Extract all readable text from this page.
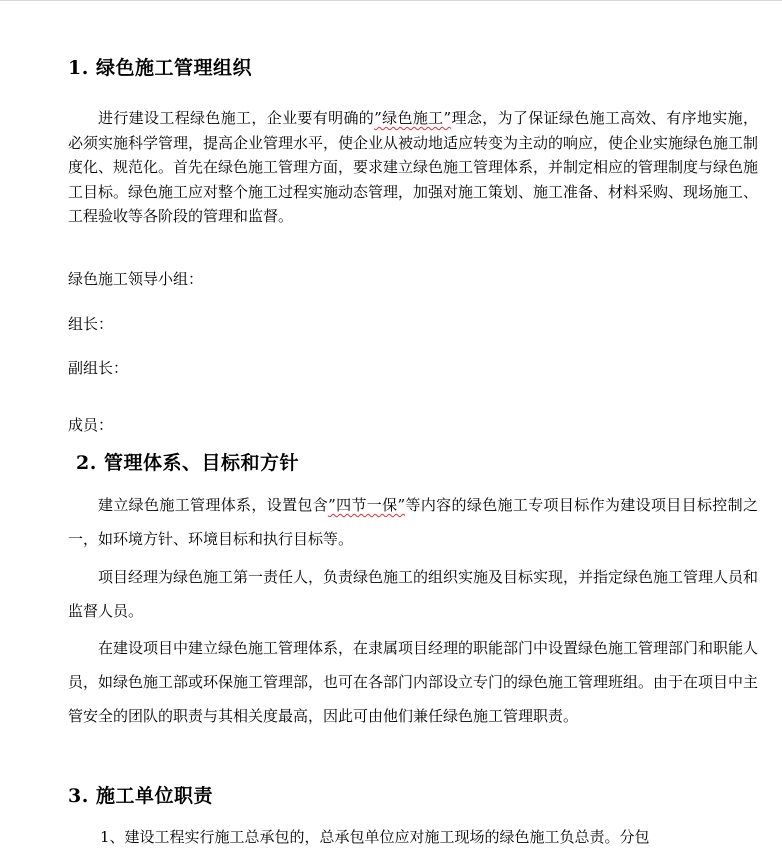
1. 绿色施工管理组织

进行建设工程绿色施工，企业要有明确的”绿色施工”理念，为了保证绿色施工高效、有序地实施，必须实施科学管理，提高企业管理水平，使企业从被动地适应转变为主动的响应，使企业实施绿色施工制度化、规范化。首先在绿色施工管理方面，要求建立绿色施工管理体系，并制定相应的管理制度与绿色施工目标。绿色施工应对整个施工过程实施动态管理，加强对施工策划、施工准备、材料采购、现场施工、工程验收等各阶段的管理和监督。

绿色施工领导小组：
组长：
副组长：
成员：
2. 管理体系、目标和方针

建立绿色施工管理体系，设置包含”四节一保”等内容的绿色施工专项目标作为建设项目目标控制之一，如环境方针、环境目标和执行目标等。

项目经理为绿色施工第一责任人，负责绿色施工的组织实施及目标实现，并指定绿色施工管理人员和监督人员。

在建设项目中建立绿色施工管理体系，在隶属项目经理的职能部门中设置绿色施工管理部门和职能人员，如绿色施工部或环保施工管理部，也可在各部门内部设立专门的绿色施工管理班组。由于在项目中主管安全的团队的职责与其相关度最高，因此可由他们兼任绿色施工管理职责。

3. 施工单位职责
1、建设工程实行施工总承包的，总承包单位应对施工现场的绿色施工负总责。分包
